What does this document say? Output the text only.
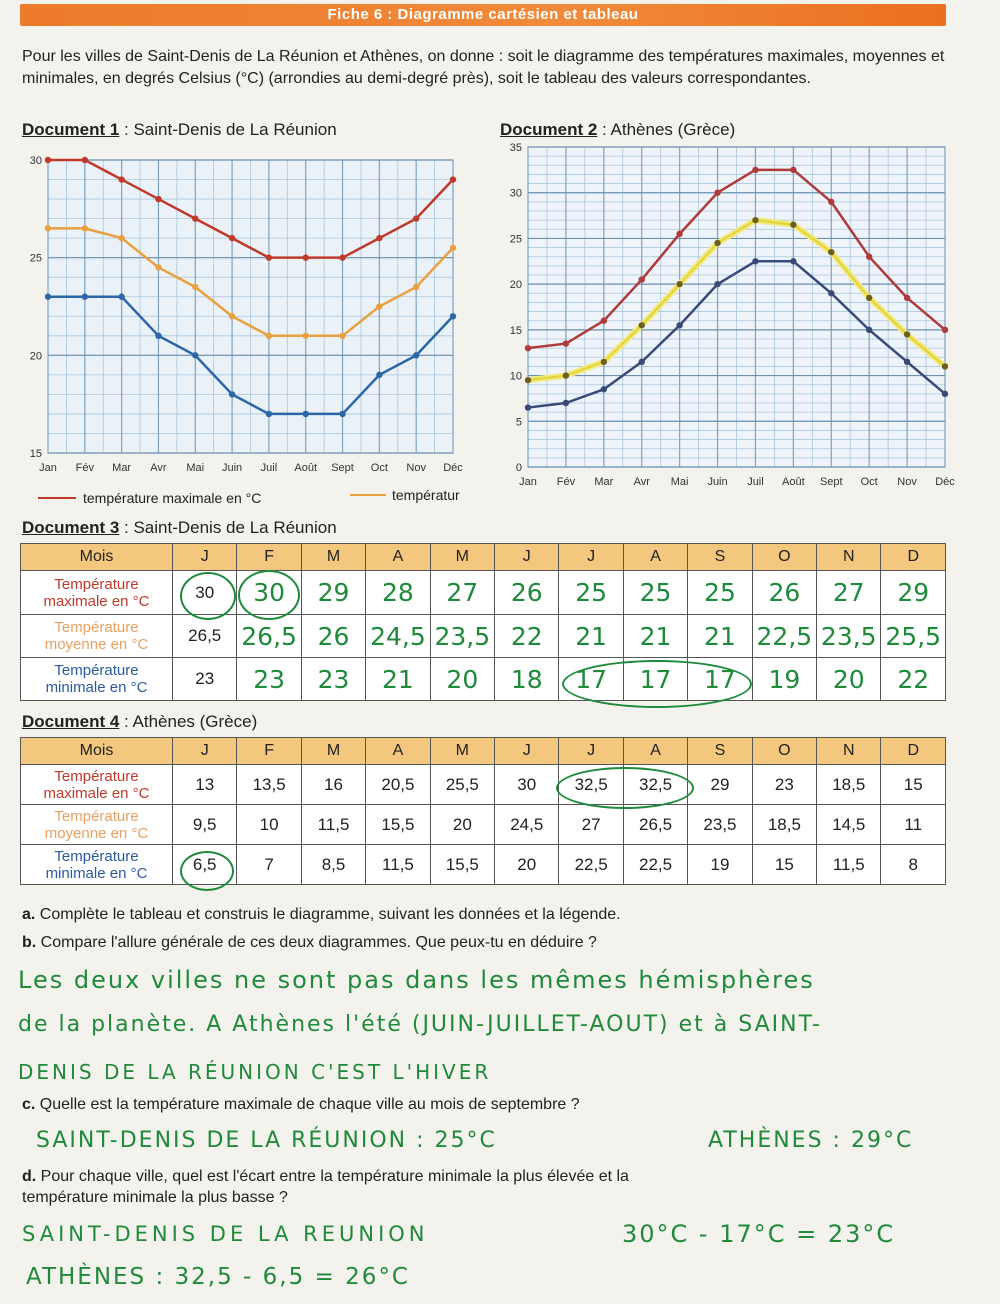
Fiche 6 : Diagramme cartésien et tableau
Pour les villes de Saint-Denis de La Réunion et Athènes, on donne : soit le diagramme des températures maximales, moyennes et minimales, en degrés Celsius (°C) (arrondies au demi-degré près), soit le tableau des valeurs correspondantes.
Document 1 : Saint-Denis de La Réunion	Document 2 : Athènes (Grèce)
15
20
25
30
Jan Fév Mar Avr Mai Juin Juil Août Sept Oct Nov Déc
température maximale en °C	températur
0
5
10
15
20
25
30
35
Jan Fév Mar Avr Mai Juin Juil Août Sept Oct Nov Déc
Document 3 : Saint-Denis de La Réunion
Mois	J	F	M	A	M	J	J	A	S	O	N	D
Température
maximale en °C	30	30	29	28	27	26	25	25	25	26	27	29
Température
moyenne en °C	26,5	26,5	26	24,5	23,5	22	21	21	21	22,5	23,5	25,5
Température
minimale en °C	23	23	23	21	20	18	17	17	17	19	20	22
Document 4 : Athènes (Grèce)
Mois	J	F	M	A	M	J	J	A	S	O	N	D
Température
maximale en °C	13	13,5	16	20,5	25,5	30	32,5	32,5	29	23	18,5	15
Température
moyenne en °C	9,5	10	11,5	15,5	20	24,5	27	26,5	23,5	18,5	14,5	11
Température
minimale en °C	6,5	7	8,5	11,5	15,5	20	22,5	22,5	19	15	11,5	8
a. Complète le tableau et construis le diagramme, suivant les données et la légende.
b. Compare l'allure générale de ces deux diagrammes. Que peux-tu en déduire ?
Les deux villes ne sont pas dans les mêmes hémisphères
de la planète. A Athènes l'été (JUIN-JUILLET-AOUT) et à SAINT-
DENIS DE LA RÉUNION C'EST L'HIVER
c. Quelle est la température maximale de chaque ville au mois de septembre ?
SAINT-DENIS DE LA RÉUNION : 25°C	ATHÈNES : 29°C
d. Pour chaque ville, quel est l'écart entre la température minimale la plus élevée et la
température minimale la plus basse ?
SAINT-DENIS DE LA REUNION	30°C - 17°C = 23°C
ATHÈNES : 32,5 - 6,5 = 26°C
